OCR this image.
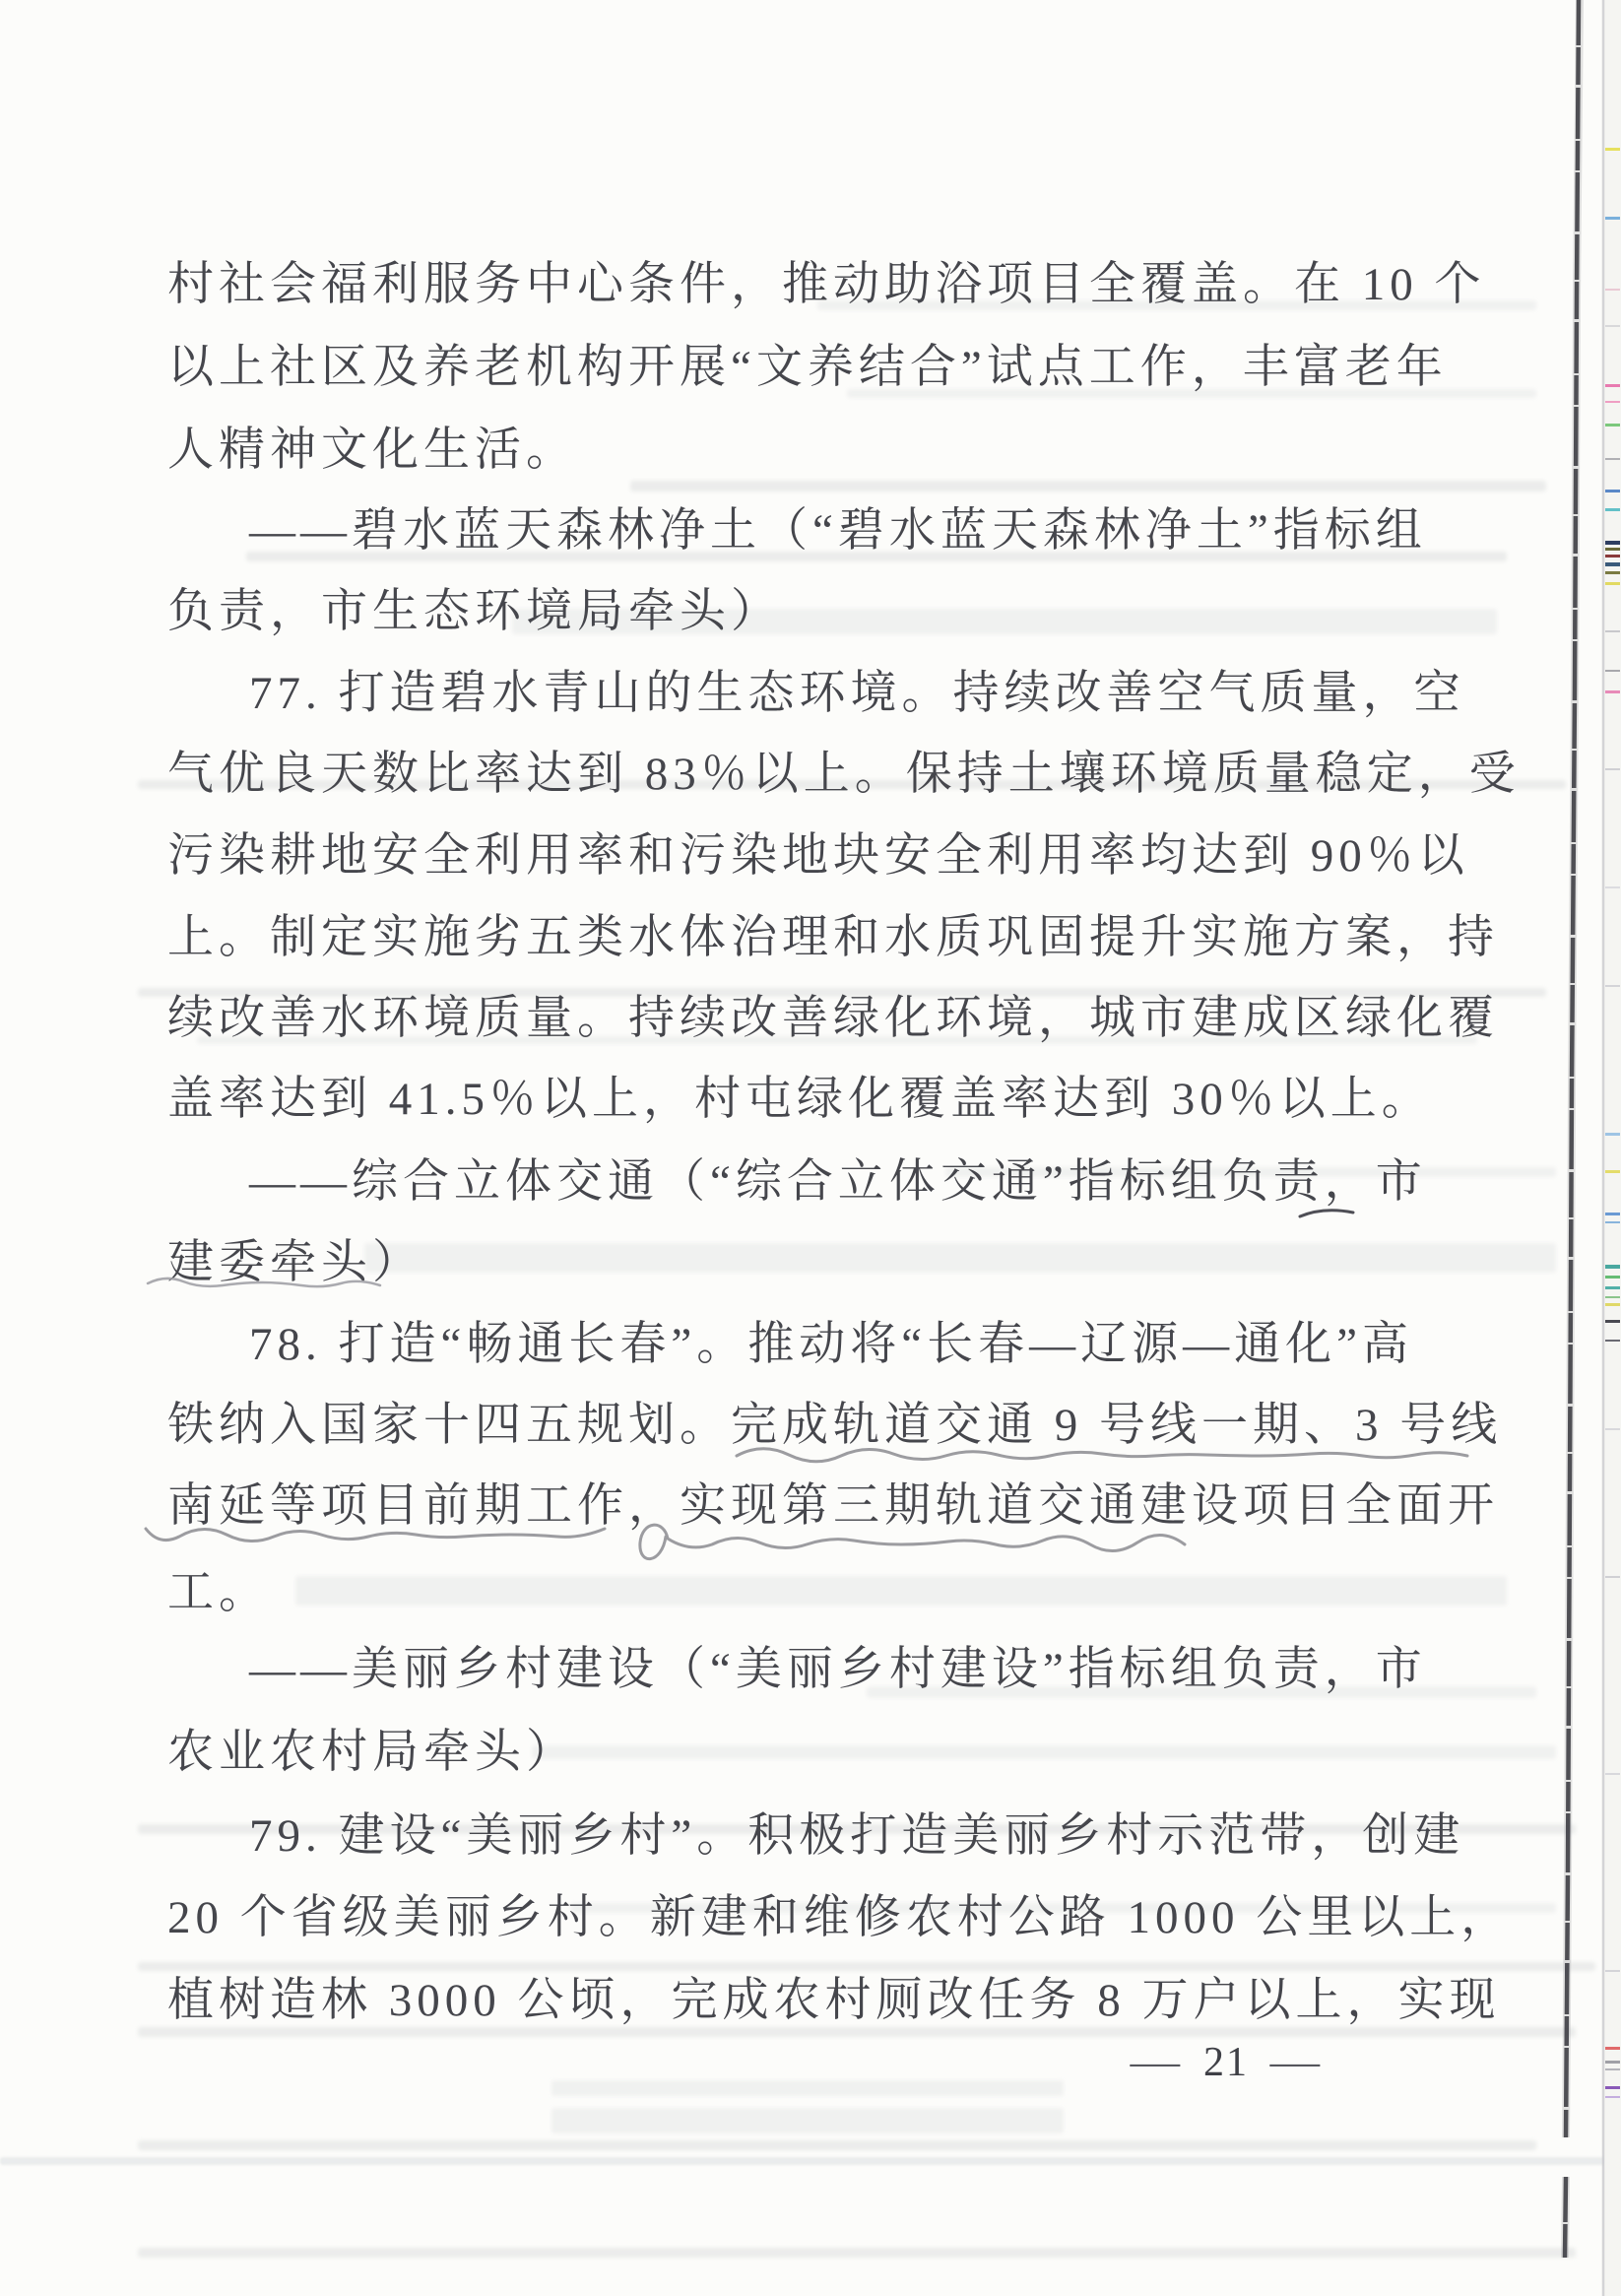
村社会福利服务中心条件，推动助浴项目全覆盖。在 10 个
以上社区及养老机构开展“文养结合”试点工作，丰富老年
人精神文化生活。
——碧水蓝天森林净土（“碧水蓝天森林净土”指标组
负责，市生态环境局牵头）
77. 打造碧水青山的生态环境。持续改善空气质量，空
气优良天数比率达到 83％以上。保持土壤环境质量稳定，受
污染耕地安全利用率和污染地块安全利用率均达到 90％以
上。制定实施劣五类水体治理和水质巩固提升实施方案，持
续改善水环境质量。持续改善绿化环境，城市建成区绿化覆
盖率达到 41.5％以上，村屯绿化覆盖率达到 30％以上。
——综合立体交通（“综合立体交通”指标组负责，市
建委牵头）
78. 打造“畅通长春”。推动将“长春—辽源—通化”高
铁纳入国家十四五规划。完成轨道交通 9 号线一期、3 号线
南延等项目前期工作，实现第三期轨道交通建设项目全面开
工。
——美丽乡村建设（“美丽乡村建设”指标组负责，市
农业农村局牵头）
79. 建设“美丽乡村”。积极打造美丽乡村示范带，创建
20 个省级美丽乡村。新建和维修农村公路 1000 公里以上，
植树造林 3000 公顷，完成农村厕改任务 8 万户以上，实现
— 21 —
